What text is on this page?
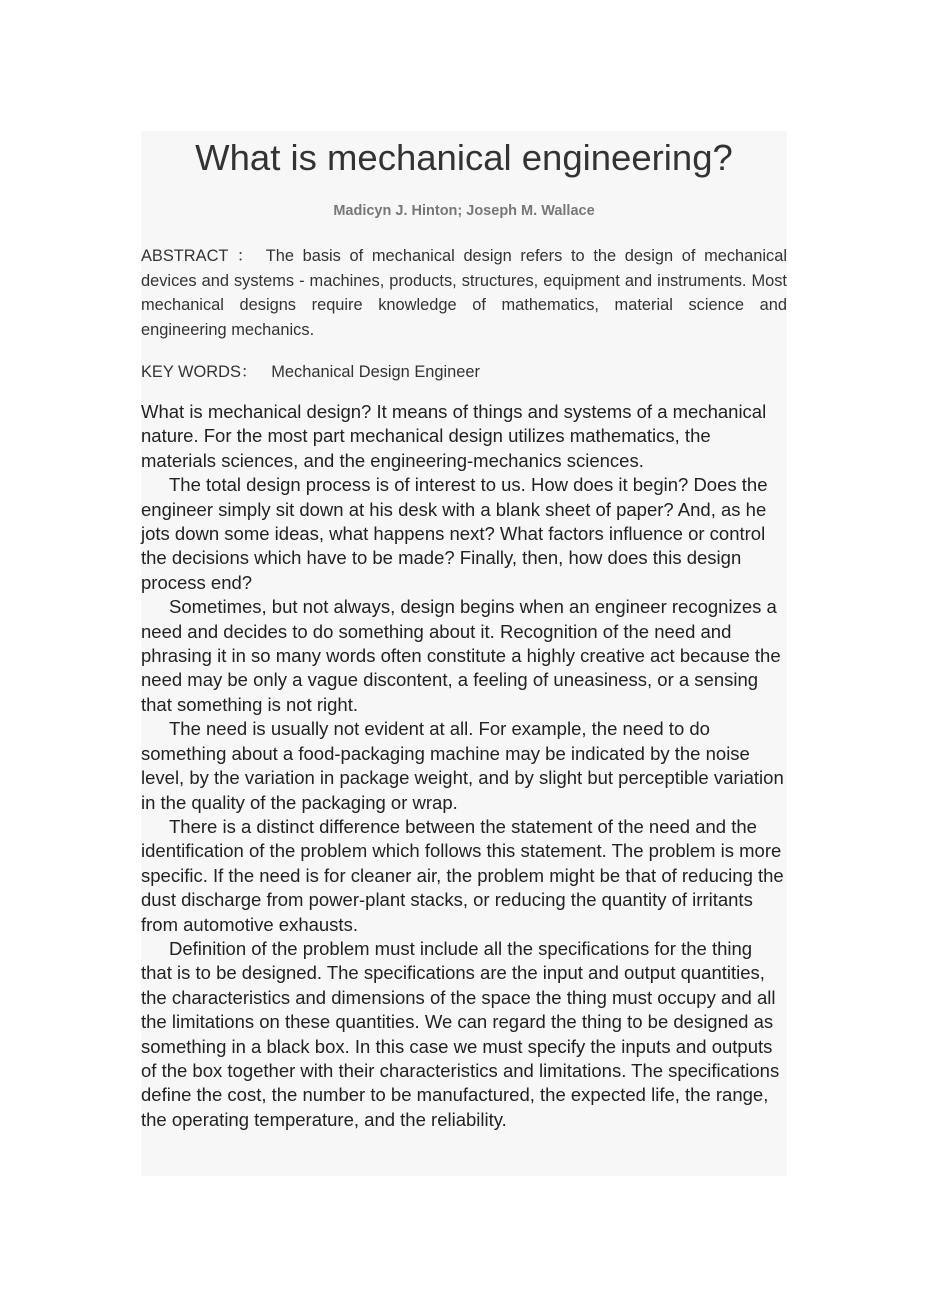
What is mechanical engineering?

Madicyn J. Hinton; Joseph M. Wallace

ABSTRACT ： The basis of mechanical design refers to the design of mechanical devices and systems - machines, products, structures, equipment and instruments. Most mechanical designs require knowledge of mathematics, material science and engineering mechanics.

KEY WORDS： Mechanical Design Engineer

What is mechanical design? It means of things and systems of a mechanical nature. For the most part mechanical design utilizes mathematics, the materials sciences, and the engineering-mechanics sciences.

The total design process is of interest to us. How does it begin? Does the engineer simply sit down at his desk with a blank sheet of paper? And, as he jots down some ideas, what happens next? What factors influence or control the decisions which have to be made? Finally, then, how does this design process end?

Sometimes, but not always, design begins when an engineer recognizes a need and decides to do something about it. Recognition of the need and phrasing it in so many words often constitute a highly creative act because the need may be only a vague discontent, a feeling of uneasiness, or a sensing that something is not right.

The need is usually not evident at all. For example, the need to do something about a food-packaging machine may be indicated by the noise level, by the variation in package weight, and by slight but perceptible variation in the quality of the packaging or wrap.

There is a distinct difference between the statement of the need and the identification of the problem which follows this statement. The problem is more specific. If the need is for cleaner air, the problem might be that of reducing the dust discharge from power-plant stacks, or reducing the quantity of irritants from automotive exhausts.

Definition of the problem must include all the specifications for the thing that is to be designed. The specifications are the input and output quantities, the characteristics and dimensions of the space the thing must occupy and all the limitations on these quantities. We can regard the thing to be designed as something in a black box. In this case we must specify the inputs and outputs of the box together with their characteristics and limitations. The specifications define the cost, the number to be manufactured, the expected life, the range, the operating temperature, and the reliability.
